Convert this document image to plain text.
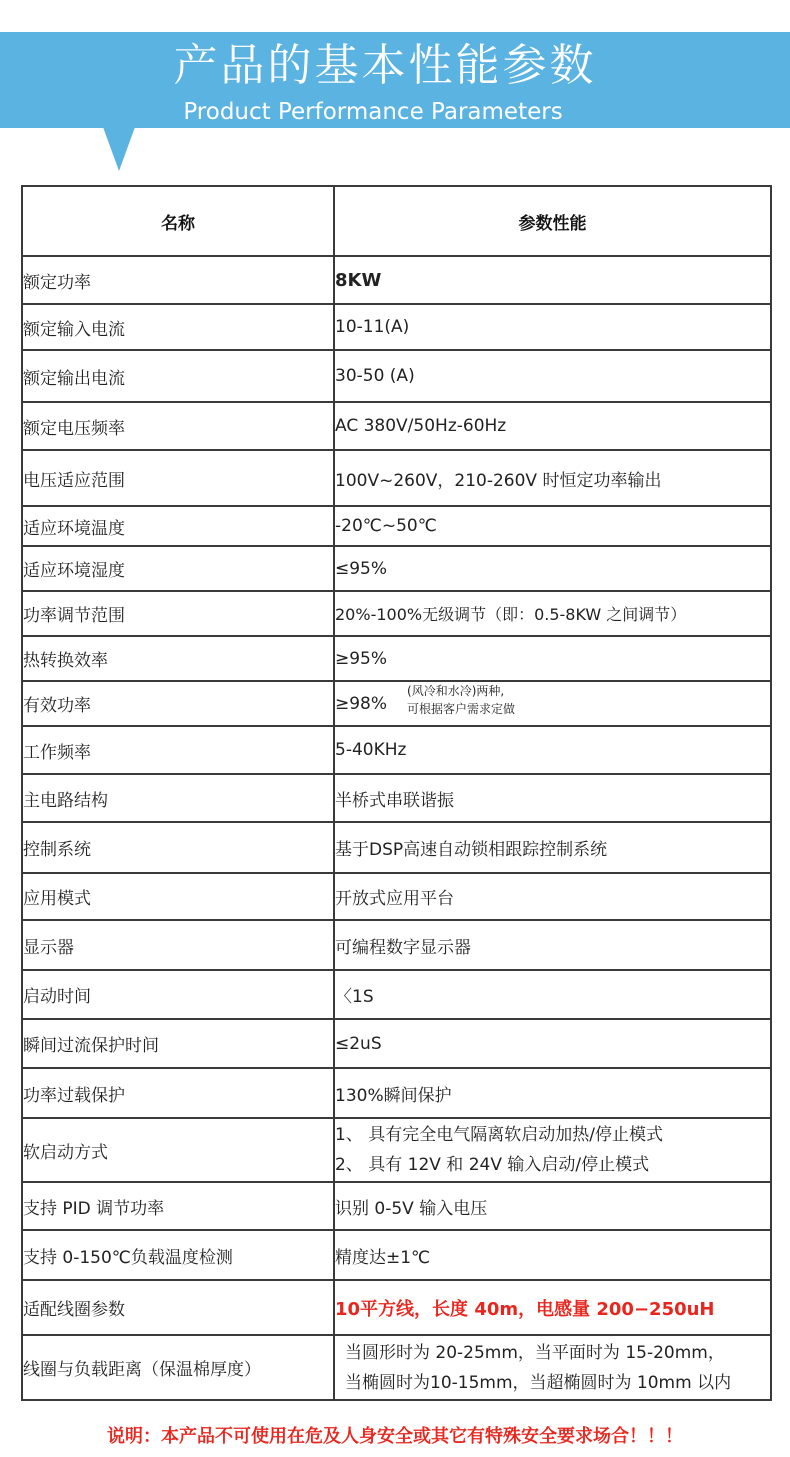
产品的基本性能参数
Product Performance Parameters
名称	参数性能
额定功率	8KW
额定输入电流	10-11(A)
额定输出电流	30-50 (A)
额定电压频率	AC 380V/50Hz-60Hz
电压适应范围	100V~260V，210-260V 时恒定功率输出
适应环境温度	-20℃~50℃
适应环境湿度	≤95%
功率调节范围	20%-100%无级调节（即：0.5-8KW 之间调节）
热转换效率	≥95%
有效功率	≥98%
(风冷和水冷)两种,
可根据客户需求定做

工作频率	5-40KHz
主电路结构	半桥式串联谐振
控制系统	基于DSP高速自动锁相跟踪控制系统
应用模式	开放式应用平台
显示器	可编程数字显示器
启动时间	〈1S
瞬间过流保护时间	≤2uS
功率过载保护	130%瞬间保护
软启动方式	1、 具有完全电气隔离软启动加热/停止模式
2、 具有 12V 和 24V 输入启动/停止模式

支持 PID 调节功率	识别 0-5V 输入电压
支持 0-150℃负载温度检测	精度达±1℃
适配线圈参数	10平方线，长度 40m，电感量 200−250uH
线圈与负载距离（保温棉厚度）	当圆形时为 20-25mm，当平面时为 15-20mm，
当椭圆时为10-15mm，当超椭圆时为 10mm 以内
说明：本产品不可使用在危及人身安全或其它有特殊安全要求场合！！！
